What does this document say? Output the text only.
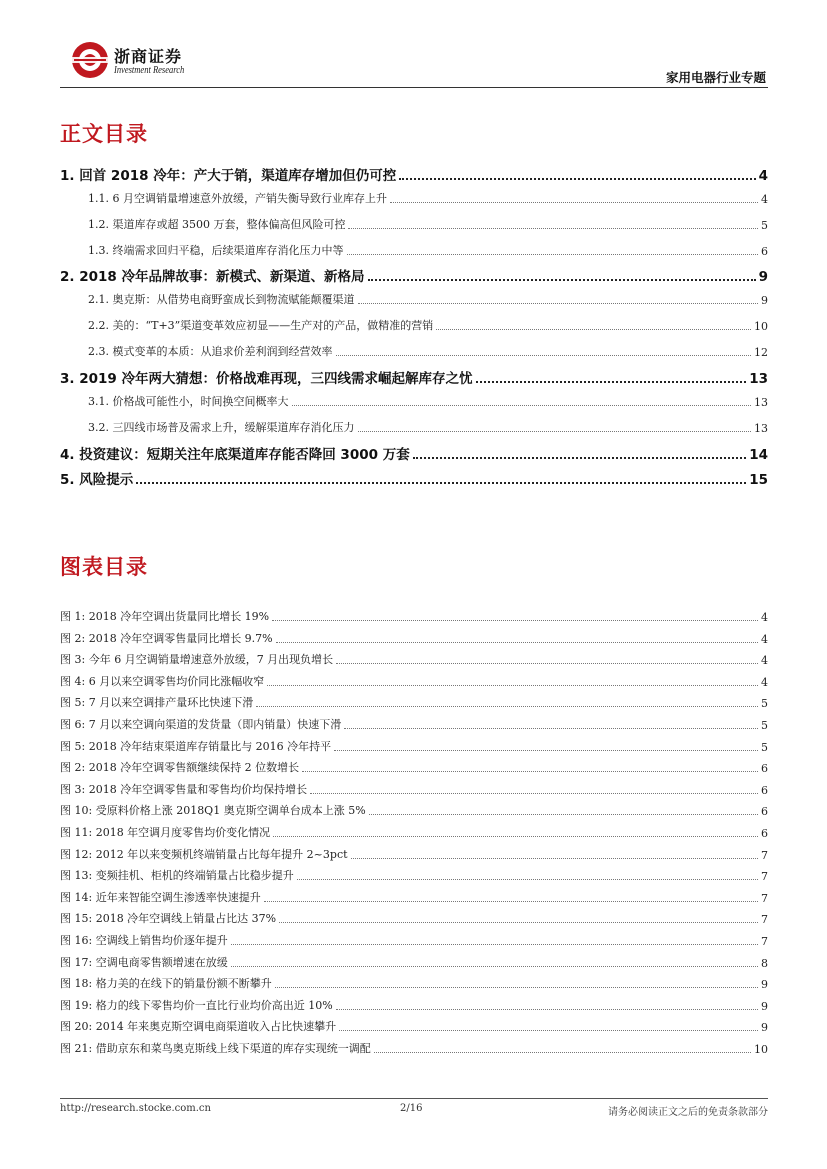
浙商证券
Investment Research	家用电器行业专题
正文目录
1. 回首 2018 冷年：产大于销，渠道库存增加但仍可控	4
1.1. 6 月空调销量增速意外放缓，产销失衡导致行业库存上升	4
1.2. 渠道库存或超 3500 万套，整体偏高但风险可控	5
1.3. 终端需求回归平稳，后续渠道库存消化压力中等	6
2. 2018 冷年品牌故事：新模式、新渠道、新格局	9
2.1. 奥克斯：从借势电商野蛮成长到物流赋能颠覆渠道	9
2.2. 美的：“T+3”渠道变革效应初显——生产对的产品，做精准的营销	10
2.3. 模式变革的本质：从追求价差利润到经营效率	12
3. 2019 冷年两大猜想：价格战难再现，三四线需求崛起解库存之忧	13
3.1. 价格战可能性小，时间换空间概率大	13
3.2. 三四线市场普及需求上升，缓解渠道库存消化压力	13
4. 投资建议：短期关注年底渠道库存能否降回 3000 万套	14
5. 风险提示	15
图表目录
图 1: 2018 冷年空调出货量同比增长 19%	4
图 2: 2018 冷年空调零售量同比增长 9.7%	4
图 3: 今年 6 月空调销量增速意外放缓，7 月出现负增长	4
图 4: 6 月以来空调零售均价同比涨幅收窄	4
图 5: 7 月以来空调排产量环比快速下滑	5
图 6: 7 月以来空调向渠道的发货量（即内销量）快速下滑	5
图 5: 2018 冷年结束渠道库存销量比与 2016 冷年持平	5
图 2: 2018 冷年空调零售额继续保持 2 位数增长	6
图 3: 2018 冷年空调零售量和零售均价均保持增长	6
图 10: 受原料价格上涨 2018Q1 奥克斯空调单台成本上涨 5%	6
图 11: 2018 年空调月度零售均价变化情况	6
图 12: 2012 年以来变频机终端销量占比每年提升 2~3pct	7
图 13: 变频挂机、柜机的终端销量占比稳步提升	7
图 14: 近年来智能空调生渗透率快速提升	7
图 15: 2018 冷年空调线上销量占比达 37%	7
图 16: 空调线上销售均价逐年提升	7
图 17: 空调电商零售额增速在放缓	8
图 18: 格力美的在线下的销量份额不断攀升	9
图 19: 格力的线下零售均价一直比行业均价高出近 10%	9
图 20: 2014 年来奥克斯空调电商渠道收入占比快速攀升	9
图 21: 借助京东和菜鸟奥克斯线上线下渠道的库存实现统一调配	10
http://research.stocke.com.cn	2/16	请务必阅读正文之后的免责条款部分
